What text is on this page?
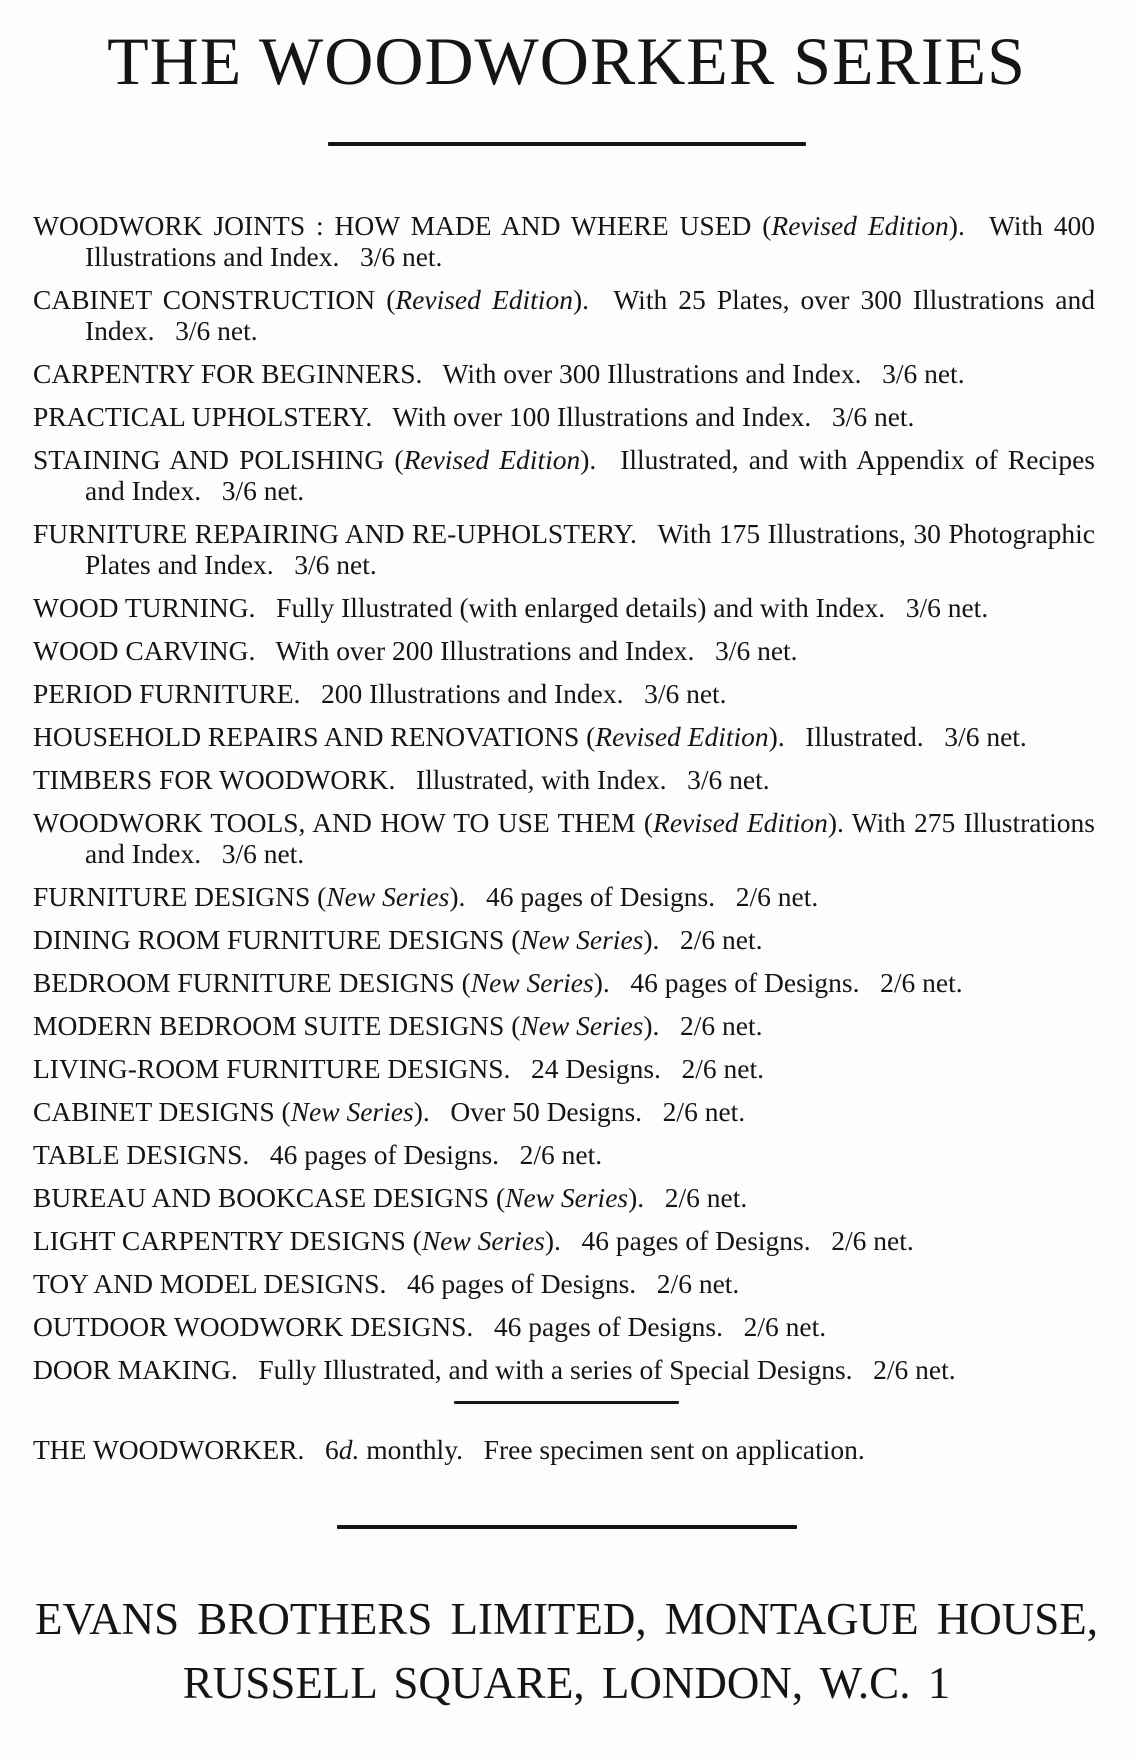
THE WOODWORKER SERIES

WOODWORK JOINTS : HOW MADE AND WHERE USED (Revised Edition).  With 400 Illustrations and Index.  3/6 net.

CABINET CONSTRUCTION (Revised Edition).  With 25 Plates, over 300 Illustrations and Index.  3/6 net.

CARPENTRY FOR BEGINNERS.  With over 300 Illustrations and Index.  3/6 net.

PRACTICAL UPHOLSTERY.  With over 100 Illustrations and Index.  3/6 net.

STAINING AND POLISHING (Revised Edition).  Illustrated, and with Appendix of Recipes and Index.  3/6 net.

FURNITURE REPAIRING AND RE-UPHOLSTERY.  With 175 Illustrations, 30 Photographic Plates and Index.  3/6 net.

WOOD TURNING.  Fully Illustrated (with enlarged details) and with Index.  3/6 net.

WOOD CARVING.  With over 200 Illustrations and Index.  3/6 net.

PERIOD FURNITURE.  200 Illustrations and Index.  3/6 net.

HOUSEHOLD REPAIRS AND RENOVATIONS (Revised Edition).  Illustrated.  3/6 net.

TIMBERS FOR WOODWORK.  Illustrated, with Index.  3/6 net.

WOODWORK TOOLS, AND HOW TO USE THEM (Revised Edition). With 275 Illustrations and Index.  3/6 net.

FURNITURE DESIGNS (New Series).  46 pages of Designs.  2/6 net.

DINING ROOM FURNITURE DESIGNS (New Series).  2/6 net.

BEDROOM FURNITURE DESIGNS (New Series).  46 pages of Designs.  2/6 net.

MODERN BEDROOM SUITE DESIGNS (New Series).  2/6 net.

LIVING-ROOM FURNITURE DESIGNS.  24 Designs.  2/6 net.

CABINET DESIGNS (New Series).  Over 50 Designs.  2/6 net.

TABLE DESIGNS.  46 pages of Designs.  2/6 net.

BUREAU AND BOOKCASE DESIGNS (New Series).  2/6 net.

LIGHT CARPENTRY DESIGNS (New Series).  46 pages of Designs.  2/6 net.

TOY AND MODEL DESIGNS.  46 pages of Designs.  2/6 net.

OUTDOOR WOODWORK DESIGNS.  46 pages of Designs.  2/6 net.

DOOR MAKING.  Fully Illustrated, and with a series of Special Designs.  2/6 net.

THE WOODWORKER.  6d. monthly.  Free specimen sent on application.

EVANS BROTHERS LIMITED, MONTAGUE HOUSE,
RUSSELL SQUARE, LONDON, W.C. 1
